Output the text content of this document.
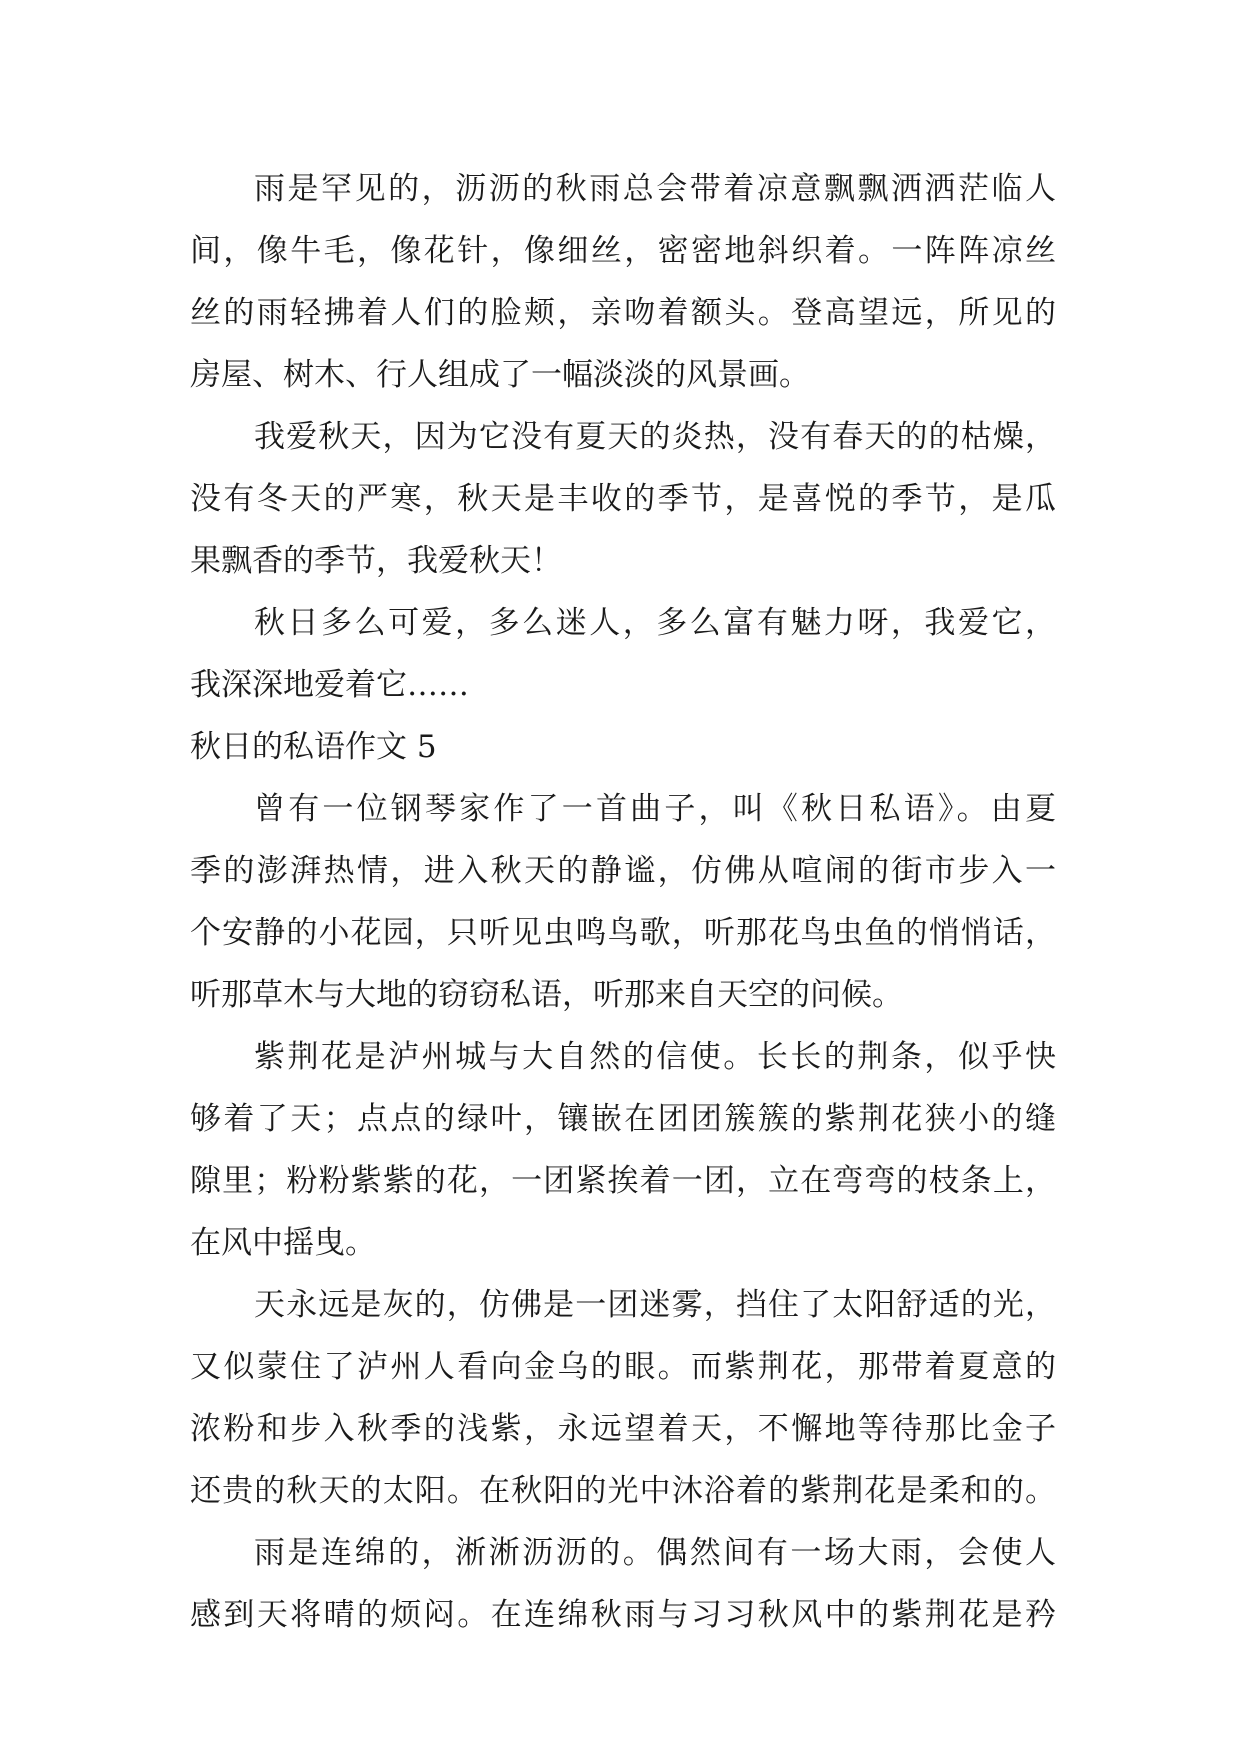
雨是罕见的，沥沥的秋雨总会带着凉意飘飘洒洒茫临人
间，像牛毛，像花针，像细丝，密密地斜织着。一阵阵凉丝
丝的雨轻拂着人们的脸颊，亲吻着额头。登高望远，所见的
房屋、树木、行人组成了一幅淡淡的风景画。
我爱秋天，因为它没有夏天的炎热，没有春天的的枯燥，
没有冬天的严寒，秋天是丰收的季节，是喜悦的季节，是瓜
果飘香的季节，我爱秋天！
秋日多么可爱，多么迷人，多么富有魅力呀，我爱它，
我深深地爱着它……
秋日的私语作文 5
曾有一位钢琴家作了一首曲子，叫《秋日私语》。由夏
季的澎湃热情，进入秋天的静谧，仿佛从喧闹的街市步入一
个安静的小花园，只听见虫鸣鸟歌，听那花鸟虫鱼的悄悄话，
听那草木与大地的窃窃私语，听那来自天空的问候。
紫荆花是泸州城与大自然的信使。长长的荆条，似乎快
够着了天；点点的绿叶，镶嵌在团团簇簇的紫荆花狭小的缝
隙里；粉粉紫紫的花，一团紧挨着一团，立在弯弯的枝条上，
在风中摇曳。
天永远是灰的，仿佛是一团迷雾，挡住了太阳舒适的光，
又似蒙住了泸州人看向金乌的眼。而紫荆花，那带着夏意的
浓粉和步入秋季的浅紫，永远望着天，不懈地等待那比金子
还贵的秋天的太阳。在秋阳的光中沐浴着的紫荆花是柔和的。
雨是连绵的，淅淅沥沥的。偶然间有一场大雨，会使人
感到天将晴的烦闷。在连绵秋雨与习习秋风中的紫荆花是矜
